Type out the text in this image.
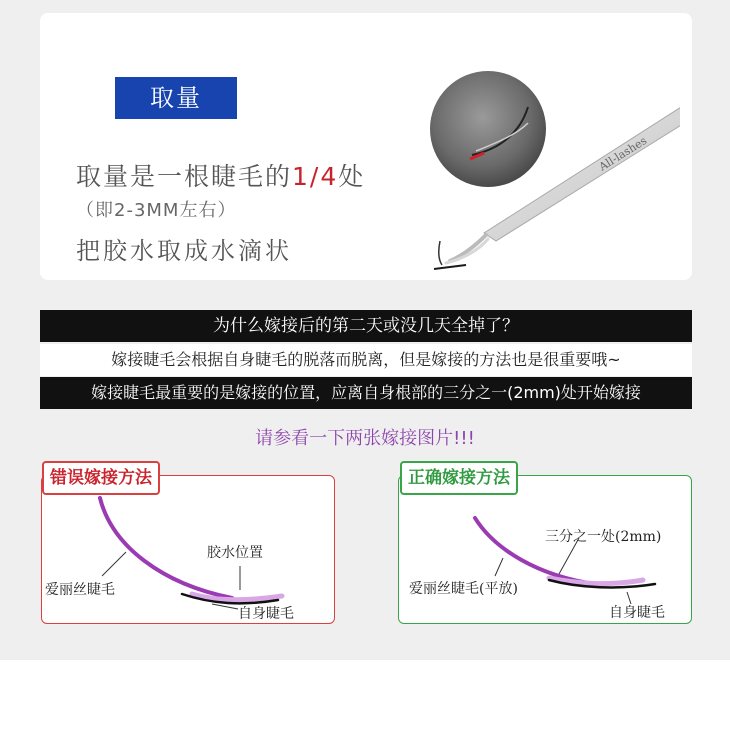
取量
取量是一根睫毛的1/4处
（即2-3MM左右）
把胶水取成水滴状
All-lashes
为什么嫁接后的第二天或没几天全掉了？
嫁接睫毛会根据自身睫毛的脱落而脱离，但是嫁接的方法也是很重要哦~
嫁接睫毛最重要的是嫁接的位置，应离自身根部的三分之一(2mm)处开始嫁接
请参看一下两张嫁接图片!!!
胶水位置
爱丽丝睫毛
自身睫毛
错误嫁接方法
三分之一处(2mm)
爱丽丝睫毛(平放)
自身睫毛
正确嫁接方法
